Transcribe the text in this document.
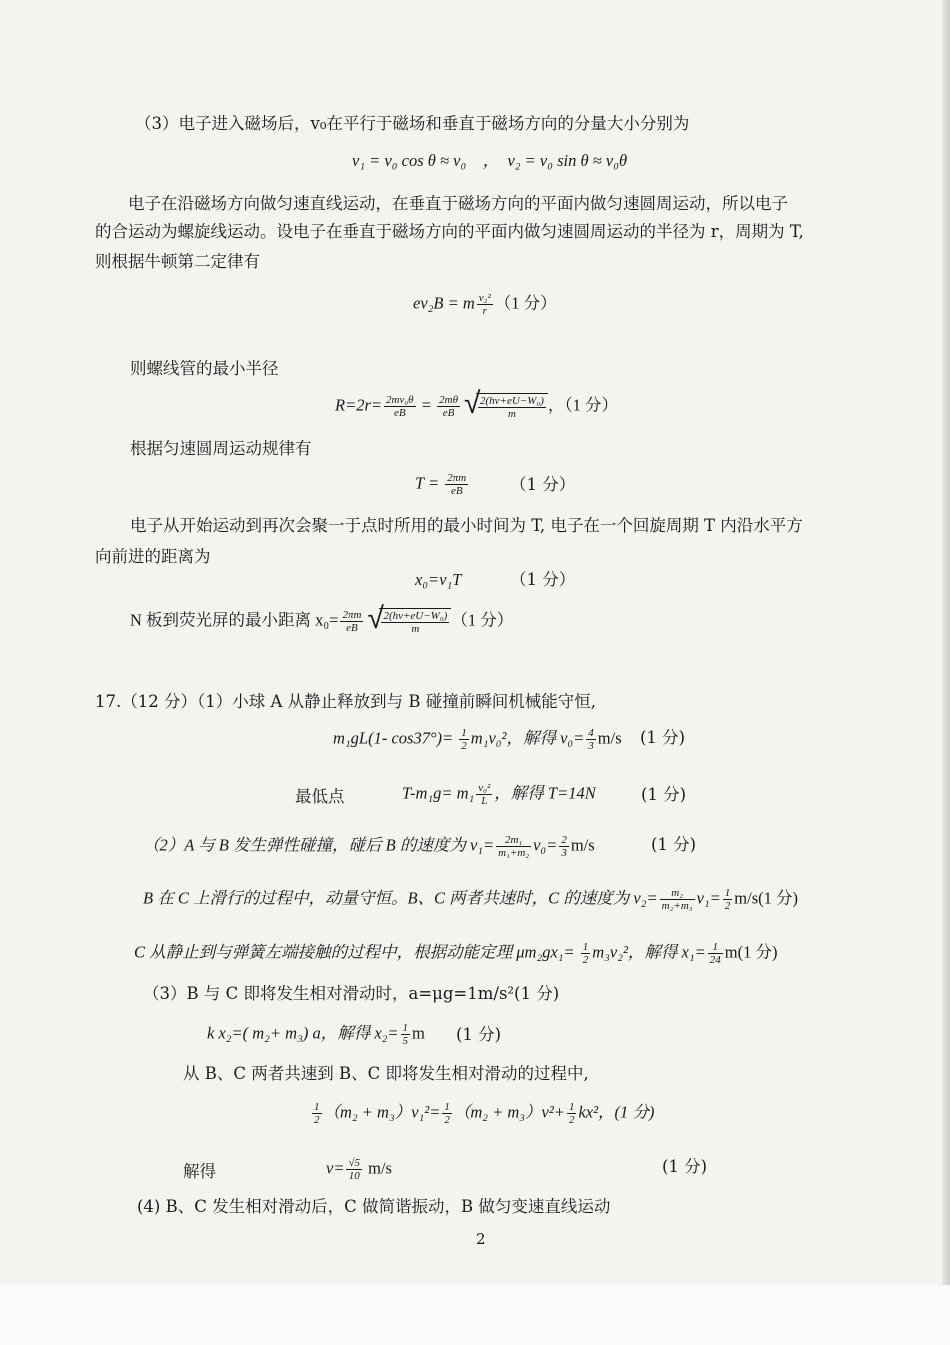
（3）电子进入磁场后，v₀在平行于磁场和垂直于磁场方向的分量大小分别为
v₁ = v₀ cos θ ≈ v₀　，　v₂ = v₀ sin θ ≈ v₀θ
电子在沿磁场方向做匀速直线运动，在垂直于磁场方向的平面内做匀速圆周运动，所以电子
的合运动为螺旋线运动。设电子在垂直于磁场方向的平面内做匀速圆周运动的半径为 r，周期为 T,
则根据牛顿第二定律有
ev₂B = m $\frac{\text{v₂²}}{r} (1$ 分）
则螺线管的最小半径
$R=2r= \frac{\text{2mv₀θ}}{eB} = \frac{2m\theta}{eB}$ √
$\frac{\text{2(hν+eU−W₀)}}{m}$ ，（1 分）
根据匀速圆周运动规律有
$T = \frac{2\pi m}{eB}$	（1 分）
电子从开始运动到再次会聚一于点时所用的最小时间为 T, 电子在一个回旋周期 T 内沿水平方
向前进的距离为
x₀=v₁T	（1 分）
N 板到荧光屏的最小距离 $x_0= \frac{2\pi m}{eB}$ √
$\frac{\text{2(hν+eU−W₀)}}{m} (1$ 分）
17.（12 分）（1）小球 A 从静止释放到与 B 碰撞前瞬间机械能守恒,
m₁gL(1- $\cos 37^\circ)= \frac{1}{2} m_1v_0^2$，解得 $v_0= \frac{4}{3} m/s$ (1 分)
最低点	$T-m_1g= m_1 \frac{\text{v₀²}}{L}$ ，解得 T=14N	(1 分)
（2）A 与 B 发生弹性碰撞，碰后 B 的速度为 $v_1= \frac{\text{2m₁}}{\text{m₁+m₂}} v_0= \frac{2}{3} m/s$	(1 分)
B 在 C 上滑行的过程中，动量守恒。B、C 两者共速时，C 的速度为 $v_2= \frac{\text{m₂}}{\text{m₂+m₃}} v_1= \frac{1}{2} m/s(1$ 分)
C 从静止到与弹簧左端接触的过程中，根据动能定理 $\mu m_2gx_1= \frac{1}{2} m_3v_2^2$，解得 $x_1= \frac{1}{24} m(1$ 分)
（3）B 与 C 即将发生相对滑动时，a=μg=1m/s²(1 分)
k x₂=( m₂+ m₃) a，解得 $x_2= \frac{1}{5}$ m (1 分)
从 B、C 两者共速到 B、C 即将发生相对滑动的过程中,
$\frac{1}{2} (m_2 + m_3)v_1^2= \frac{1}{2} (m_2 + m_3)v^2+ \frac{1}{2} kx^2$，(1 分)
解得	$v= \frac{√5}{10} m/s$	(1 分)
(4) B、C 发生相对滑动后，C 做简谐振动，B 做匀变速直线运动
2
